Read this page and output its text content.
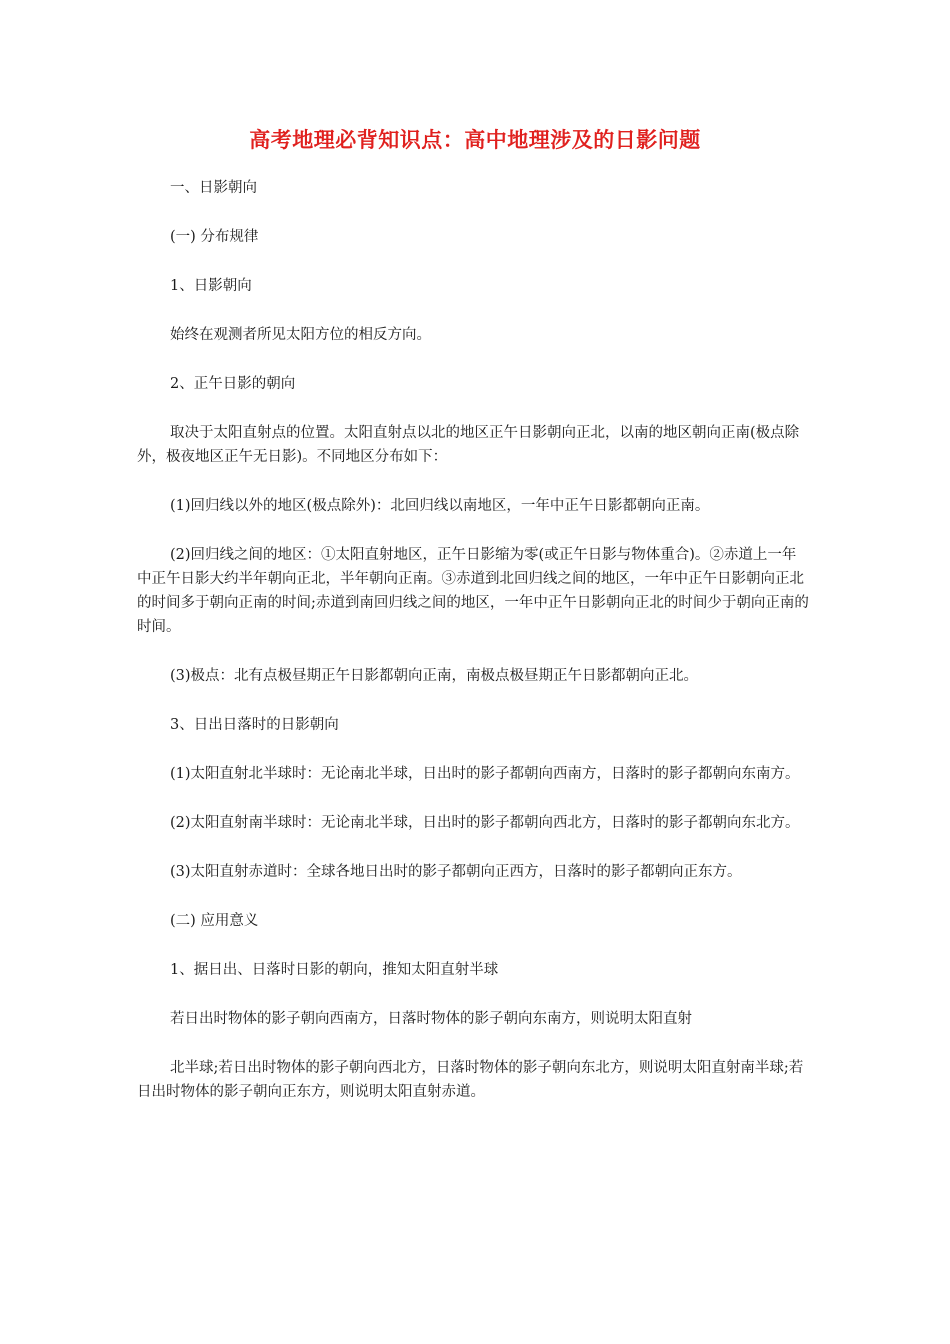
高考地理必背知识点：高中地理涉及的日影问题

一、日影朝向

(一) 分布规律

1、日影朝向

始终在观测者所见太阳方位的相反方向。

2、正午日影的朝向

取决于太阳直射点的位置。太阳直射点以北的地区正午日影朝向正北，以南的地区朝向正南(极点除外，极夜地区正午无日影)。不同地区分布如下：

(1)回归线以外的地区(极点除外)：北回归线以南地区，一年中正午日影都朝向正南。

(2)回归线之间的地区：①太阳直射地区，正午日影缩为零(或正午日影与物体重合)。②赤道上一年中正午日影大约半年朝向正北，半年朝向正南。③赤道到北回归线之间的地区，一年中正午日影朝向正北的时间多于朝向正南的时间;赤道到南回归线之间的地区，一年中正午日影朝向正北的时间少于朝向正南的时间。

(3)极点：北有点极昼期正午日影都朝向正南，南极点极昼期正午日影都朝向正北。

3、日出日落时的日影朝向

(1)太阳直射北半球时：无论南北半球，日出时的影子都朝向西南方，日落时的影子都朝向东南方。

(2)太阳直射南半球时：无论南北半球，日出时的影子都朝向西北方，日落时的影子都朝向东北方。

(3)太阳直射赤道时：全球各地日出时的影子都朝向正西方，日落时的影子都朝向正东方。

(二) 应用意义

1、据日出、日落时日影的朝向，推知太阳直射半球

若日出时物体的影子朝向西南方，日落时物体的影子朝向东南方，则说明太阳直射

北半球;若日出时物体的影子朝向西北方，日落时物体的影子朝向东北方，则说明太阳直射南半球;若日出时物体的影子朝向正东方，则说明太阳直射赤道。
